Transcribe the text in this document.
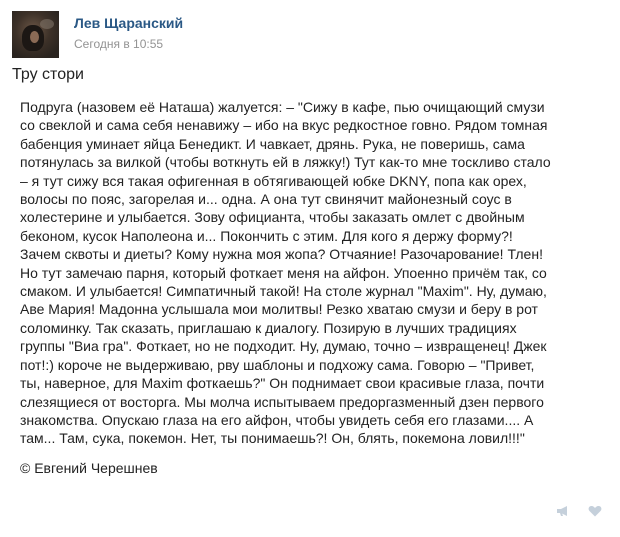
Лев Щаранский
Сегодня в 10:55
Тру стори
Подруга (назовем её Наташа) жалуется: – "Сижу в кафе, пью очищающий смузи
со свеклой и сама себя ненавижу – ибо на вкус редкостное говно. Рядом томная
бабенция уминает яйца Бенедикт. И чавкает, дрянь. Рука, не поверишь, сама
потянулась за вилкой (чтобы воткнуть ей в ляжку!) Тут как-то мне тоскливо стало
– я тут сижу вся такая офигенная в обтягивающей юбке DKNY, попа как орех,
волосы по пояс, загорелая и... одна. А она тут свинячит майонезный соус в
холестерине и улыбается. Зову официанта, чтобы заказать омлет с двойным
беконом, кусок Наполеона и... Покончить с этим. Для кого я держу форму?!
Зачем сквоты и диеты? Кому нужна моя жопа? Отчаяние! Разочарование! Тлен!
Но тут замечаю парня, который фоткает меня на айфон. Упоенно причём так, со
смаком. И улыбается! Симпатичный такой! На столе журнал "Maxim". Ну, думаю,
Аве Мария! Мадонна услышала мои молитвы! Резко хватаю смузи и беру в рот
соломинку. Так сказать, приглашаю к диалогу. Позирую в лучших традициях
группы "Виа гра". Фоткает, но не подходит. Ну, думаю, точно – извращенец! Джек
пот!:) короче не выдерживаю, рву шаблоны и подхожу сама. Говорю – "Привет,
ты, наверное, для Maxim фоткаешь?" Он поднимает свои красивые глаза, почти
слезящиеся от восторга. Мы молча испытываем предоргазменный дзен первого
знакомства. Опускаю глаза на его айфон, чтобы увидеть себя его глазами.... А
там... Там, сука, покемон. Нет, ты понимаешь?! Он, блять, покемона ловил!!!"
© Евгений Черешнев
